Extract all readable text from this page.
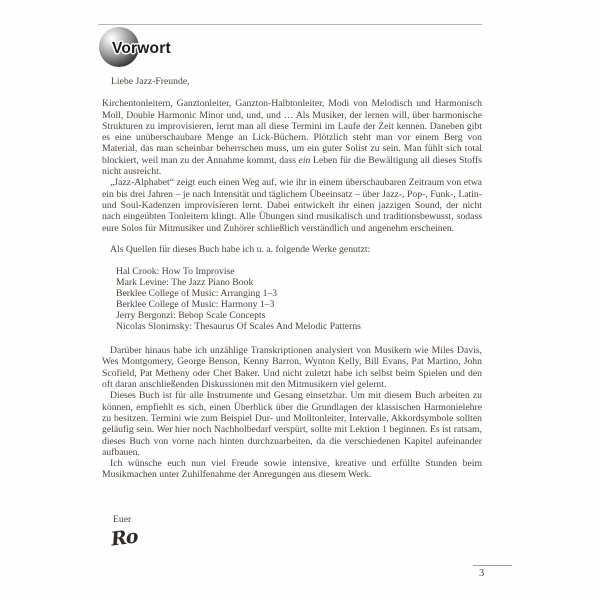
Vorwort

Liebe Jazz-Freunde,

Kirchentonleitern, Ganztonleiter, Ganzton-Halbtonleiter, Modi von Melodisch und Harmonisch Moll, Double Harmonic Minor und, und, und … Als Musiker, der lernen will, über harmonische Strukturen zu improvisieren, lernt man all diese Termini im Laufe der Zeit kennen. Daneben gibt es eine unüberschaubare Menge an Lick-Büchern. Plötzlich steht man vor einem Berg von Material, das man scheinbar beherrschen muss, um ein guter Solist zu sein. Man fühlt sich total blockiert, weil man zu der Annahme kommt, dass ein Leben für die Bewältigung all dieses Stoffs nicht ausreicht.

„Jazz-Alphabet“ zeigt euch einen Weg auf, wie ihr in einem überschaubaren Zeitraum von etwa ein bis drei Jahren – je nach Intensität und täglichem Übeeinsatz – über Jazz-, Pop-, Funk-, Latin- und Soul-Kadenzen improvisieren lernt. Dabei entwickelt ihr einen jazzigen Sound, der nicht nach eingeübten Tonleitern klingt. Alle Übungen sind musikalisch und traditionsbewusst, sodass eure Solos für Mitmusiker und Zuhörer schließlich verständlich und angenehm erscheinen.

Als Quellen für dieses Buch habe ich u. a. folgende Werke genutzt:

Hal Crook: How To Improvise
Mark Levine: The Jazz Piano Book
Berklee College of Music: Arranging 1–3
Berklee College of Music: Harmony 1–3
Jerry Bergonzi: Bebop Scale Concepts
Nicolas Slonimsky: Thesaurus Of Scales And Melodic Patterns

Darüber hinaus habe ich unzählige Transkriptionen analysiert von Musikern wie Miles Davis, Wes Montgomery, George Benson, Kenny Barron, Wynton Kelly, Bill Evans, Pat Martino, John Scofield, Pat Metheny oder Chet Baker. Und nicht zuletzt habe ich selbst beim Spielen und den oft daran anschließenden Diskussionen mit den Mitmusikern viel gelernt.

Dieses Buch ist für alle Instrumente und Gesang einsetzbar. Um mit diesem Buch arbeiten zu können, empfiehlt es sich, einen Überblick über die Grundlagen der klassischen Harmonielehre zu besitzen. Termini wie zum Beispiel Dur- und Molltonleiter, Intervalle, Akkordsymbole sollten geläufig sein. Wer hier noch Nachholbedarf verspürt, sollte mit Lektion 1 beginnen. Es ist ratsam, dieses Buch von vorne nach hinten durchzuarbeiten, da die verschiedenen Kapitel aufeinander aufbauen.

Ich wünsche euch nun viel Freude sowie intensive, kreative und erfüllte Stunden beim Musikmachen unter Zuhilfenahme der Anregungen aus diesem Werk.

Euer
Ro
3
